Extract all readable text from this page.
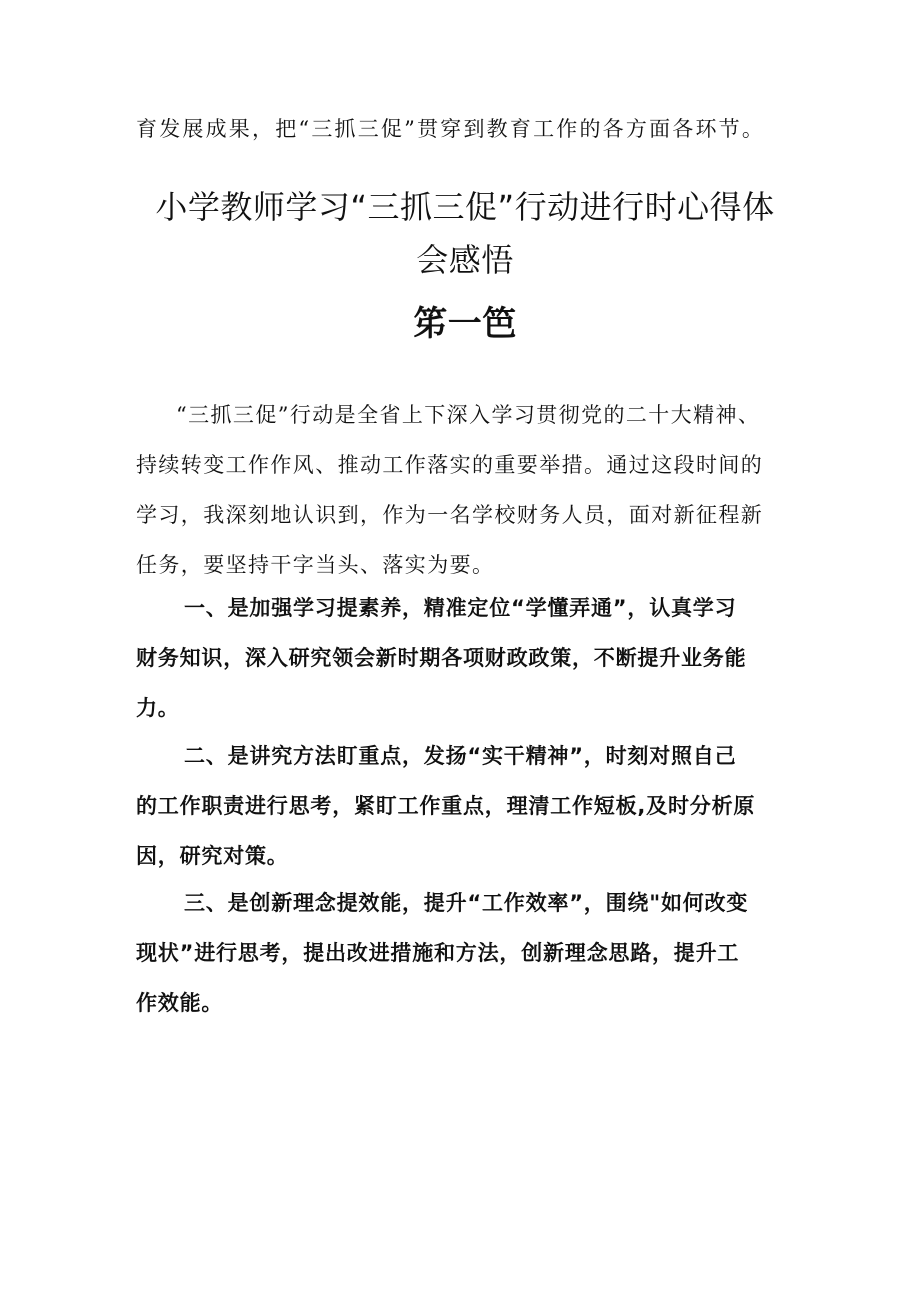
育发展成果，把“三抓三促”贯穿到教育工作的各方面各环节。
小学教师学习“三抓三促”行动进行时心得体
会感悟
笫一笆
“三抓三促”行动是全省上下深入学习贯彻党的二十大精神、
持续转变工作作风、推动工作落实的重要举措。通过这段时间的
学习，我深刻地认识到，作为一名学校财务人员，面对新征程新
任务，要坚持干字当头、落实为要。
一、是加强学习提素养，精准定位“学懂弄通”，认真学习
财务知识，深入研究领会新时期各项财政政策，不断提升业务能
力。
二、是讲究方法盯重点，发扬“实干精神”，时刻对照自己
的工作职责进行思考，紧盯工作重点，理清工作短板,及时分析原
因，研究对策。
三、是创新理念提效能，提升“工作效率”，围绕"如何改变
现状”进行思考，提出改进措施和方法，创新理念思路，提升工
作效能。
